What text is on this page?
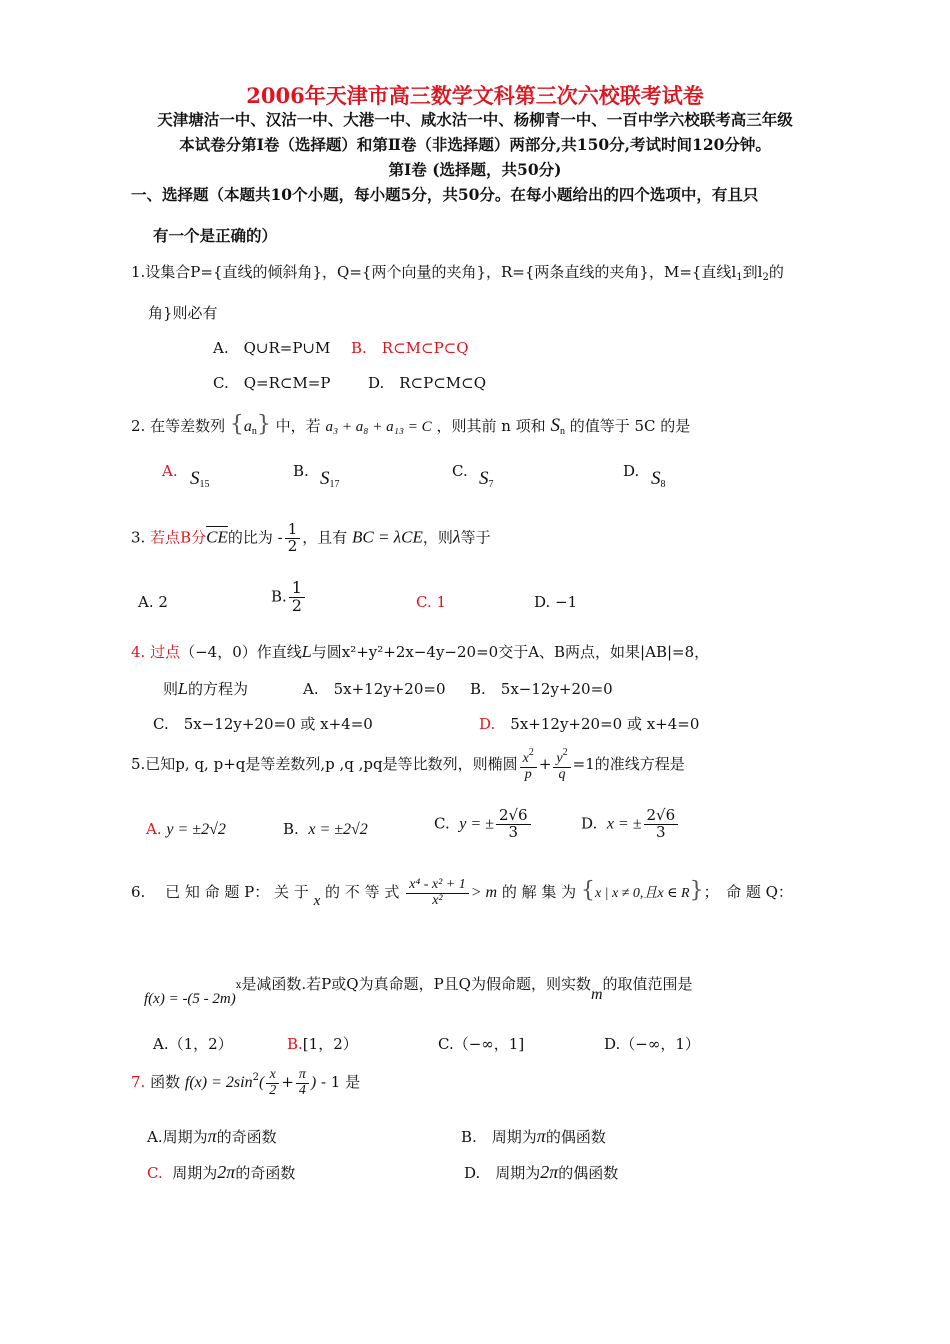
2006年天津市高三数学文科第三次六校联考试卷
天津塘沽一中、汉沽一中、大港一中、咸水沽一中、杨柳青一中、一百中学六校联考高三年级
本试卷分第Ⅰ卷（选择题）和第Ⅱ卷（非选择题）两部分,共150分,考试时间120分钟。
第Ⅰ卷 (选择题，共50分)
一、选择题（本题共10个小题，每小题5分，共50分。在每小题给出的四个选项中，有且只
有一个是正确的）
1.设集合P={直线的倾斜角}，Q={两个向量的夹角}，R={两条直线的夹角}，M={直线$l_1$到$l_2$的
角}则必有
A.　Q∪R=P∪M B.　R⊂M⊂P⊂Q
C.　Q=R⊂M=P	D.　R⊂P⊂M⊂Q
2. 在等差数列 $\{a_n\}$ 中，若 a₃ + a₈ + a₁₃ = C ，则其前 n 项和 $S_n$ 的值等于 5C 的是
A. $S_{15}$
B. $S_{17}$
C. $S_7$
D. $S_8$
3. 若点B分$\overline{CE}$的比为 - $\frac{1}{2}$ ，且有 BC = λCE，则λ等于
A. 2	B. $\frac{1}{2}$	C. 1	D. −1
4. 过点（−4，0）作直线L与圆x²+y²+2x−4y−20=0交于A、B两点，如果|AB|=8，
则L的方程为	A.　5x+12y+20=0 B.　5x−12y+20=0
C.　5x−12y+20=0 或 x+4=0	D.　 5x+12y+20=0 或 x+4=0
5.已知p, q, p+q是等差数列,p ,q ,pq是等比数列，则椭圆 $\frac{x^2}{p} + \frac{y^2}{q} =1$的准线方程是
A. y = ±2√2	B. x = ±2√2	C. y = ± $\frac{2√6}{3}$	D. x = ± $\frac{2√6}{3}$
6.　 已 知 命 题 P： 关 于 x 的 不 等 式 $\frac{\text{x⁴ - x² + 1}}{\text{x²}} > m$ 的 解 集 为 {x | x ≠ 0,且x ∈ R}；　命 题 Q：
f(x) = -(5 - 2m)$^x$是减函数.若P或Q为真命题，P且Q为假命题，则实数m的取值范围是
A.（1，2）	B.[1，2）	C.（−∞，1]	D.（−∞，1）
7. 函数 $f(x) = 2\sin^2( \frac{x}{2} + \frac{\pi}{4}$ ) - 1 是
A.周期为π的奇函数	B.　周期为π的偶函数
C. 周期为2π的奇函数	D.　周期为2π的偶函数
